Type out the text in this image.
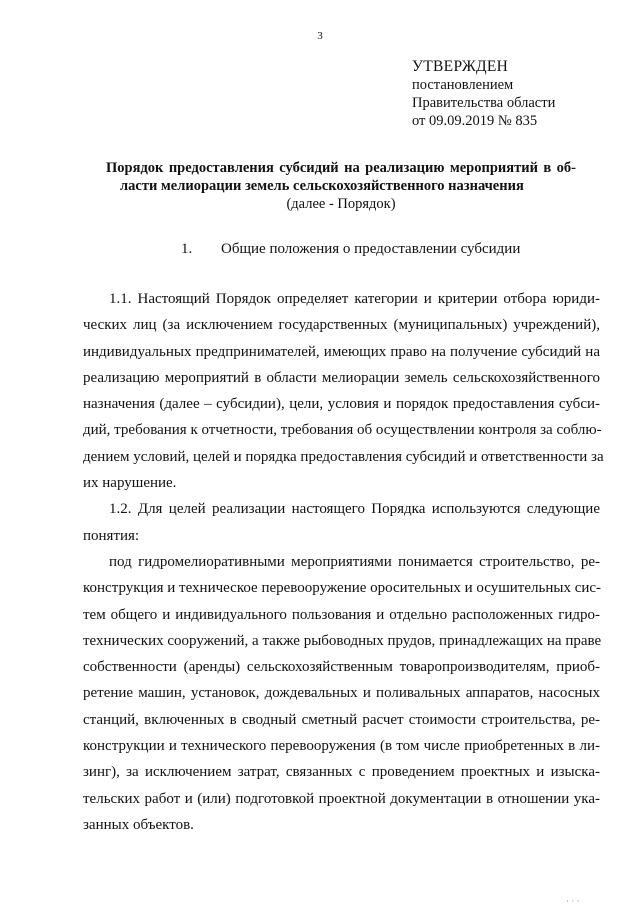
3
УТВЕРЖДЕН
постановлением
Правительства области
от 09.09.2019 № 835
Порядок предоставления субсидий на реализацию мероприятий в об-
ласти мелиорации земель сельскохозяйственного назначения
(далее - Порядок)
1. Общие положения о предоставлении субсидии

1.1. Настоящий Порядок определяет категории и критерии отбора юриди-
ческих лиц (за исключением государственных (муниципальных) учреждений),
индивидуальных предпринимателей, имеющих право на получение субсидий на
реализацию мероприятий в области мелиорации земель сельскохозяйственного
назначения (далее – субсидии), цели, условия и порядок предоставления субси-
дий, требования к отчетности, требования об осуществлении контроля за соблю-
дением условий, целей и порядка предоставления субсидий и ответственности за
их нарушение.

1.2. Для целей реализации настоящего Порядка используются следующие
понятия:

под гидромелиоративными мероприятиями понимается строительство, ре-
конструкция и техническое перевооружение оросительных и осушительных сис-
тем общего и индивидуального пользования и отдельно расположенных гидро-
технических сооружений, а также рыбоводных прудов, принадлежащих на праве
собственности (аренды) сельскохозяйственным товаропроизводителям, приоб-
ретение машин, установок, дождевальных и поливальных аппаратов, насосных
станций, включенных в сводный сметный расчет стоимости строительства, ре-
конструкции и технического перевооружения (в том числе приобретенных в ли-
зинг), за исключением затрат, связанных с проведением проектных и изыска-
тельских работ и (или) подготовкой проектной документации в отношении ука-
занных объектов.

· · ·
